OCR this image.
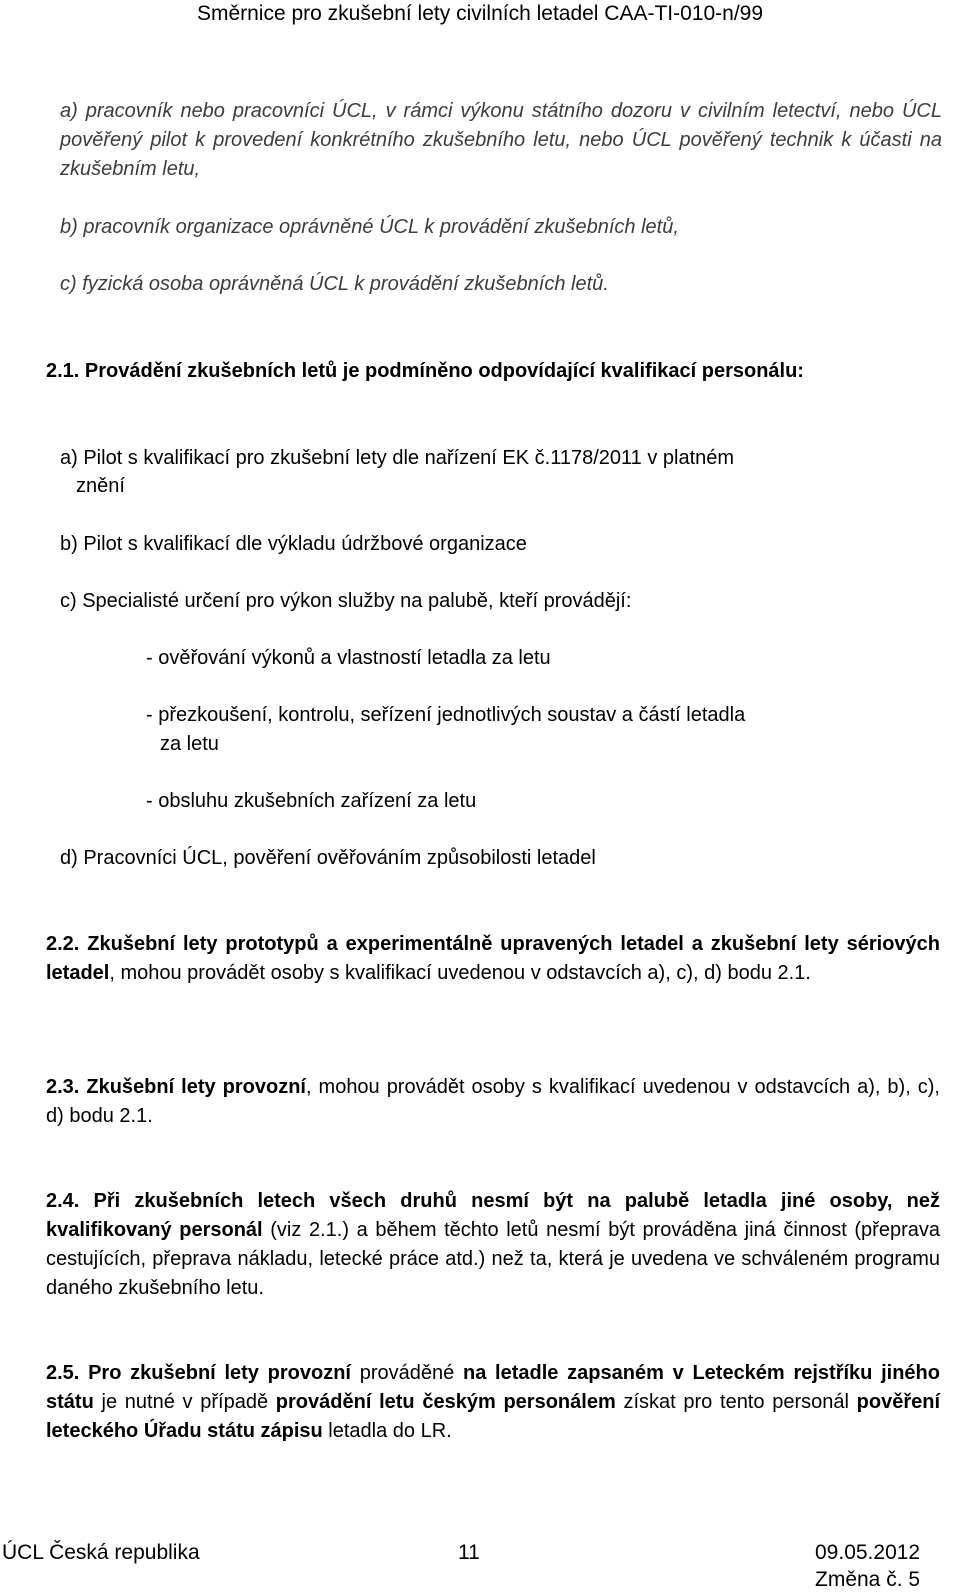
Směrnice pro zkušební lety civilních letadel CAA-TI-010-n/99
a) pracovník nebo pracovníci ÚCL, v rámci výkonu státního dozoru v civilním letectví, nebo ÚCL pověřený pilot k provedení konkrétního zkušebního letu, nebo ÚCL pověřený technik k účasti na zkušebním letu,
b) pracovník organizace oprávněné ÚCL k provádění zkušebních letů,
c) fyzická osoba oprávněná ÚCL k provádění zkušebních letů.
2.1. Provádění zkušebních letů je podmíněno odpovídající kvalifikací personálu:
a) Pilot s kvalifikací pro zkušební lety dle nařízení EK č.1178/2011 v platném
znění
b) Pilot s kvalifikací dle výkladu údržbové organizace
c) Specialisté určení pro výkon služby na palubě, kteří provádějí:
- ověřování výkonů a vlastností letadla za letu
- přezkoušení, kontrolu, seřízení jednotlivých soustav a částí letadla
za letu
- obsluhu zkušebních zařízení za letu
d) Pracovníci ÚCL, pověření ověřováním způsobilosti letadel
2.2. Zkušební lety prototypů a experimentálně upravených letadel a zkušební lety sériových letadel, mohou provádět osoby s kvalifikací uvedenou v odstavcích a), c), d) bodu 2.1.
2.3. Zkušební lety provozní, mohou provádět osoby s kvalifikací uvedenou v odstavcích a), b), c), d) bodu 2.1.
2.4. Při zkušebních letech všech druhů nesmí být na palubě letadla jiné osoby, než kvalifikovaný personál (viz 2.1.) a během těchto letů nesmí být prováděna jiná činnost (přeprava cestujících, přeprava nákladu, letecké práce atd.) než ta, která je uvedena ve schváleném programu daného zkušebního letu.
2.5. Pro zkušební lety provozní prováděné na letadle zapsaném v Leteckém rejstříku jiného státu je nutné v případě provádění letu českým personálem získat pro tento personál pověření leteckého Úřadu státu zápisu letadla do LR.
ÚCL Česká republika	11	09.05.2012
Změna č. 5
